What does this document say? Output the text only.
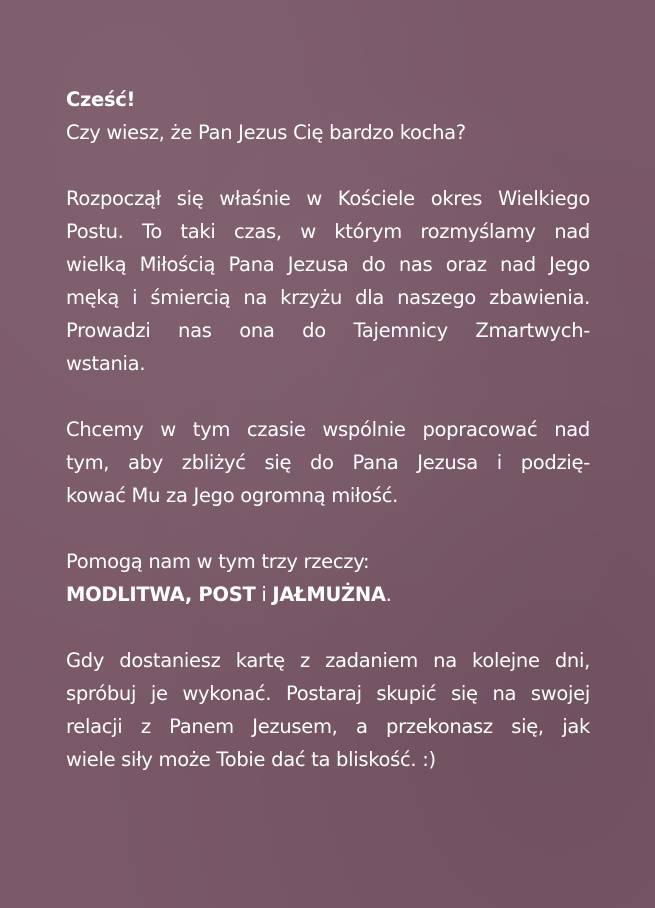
Cześć!
Czy wiesz, że Pan Jezus Cię bardzo kocha?
Rozpoczął się właśnie w Kościele okres Wielkiego
Postu. To taki czas, w którym rozmyślamy nad
wielką Miłością Pana Jezusa do nas oraz nad Jego
męką i śmiercią na krzyżu dla naszego zbawienia.
Prowadzi nas ona do Tajemnicy Zmartwych-
wstania.
Chcemy w tym czasie wspólnie popracować nad
tym, aby zbliżyć się do Pana Jezusa i podzię-
kować Mu za Jego ogromną miłość.
Pomogą nam w tym trzy rzeczy:
MODLITWA, POST i JAŁMUŻNA.
Gdy dostaniesz kartę z zadaniem na kolejne dni,
spróbuj je wykonać. Postaraj skupić się na swojej
relacji z Panem Jezusem, a przekonasz się, jak
wiele siły może Tobie dać ta bliskość. :)
